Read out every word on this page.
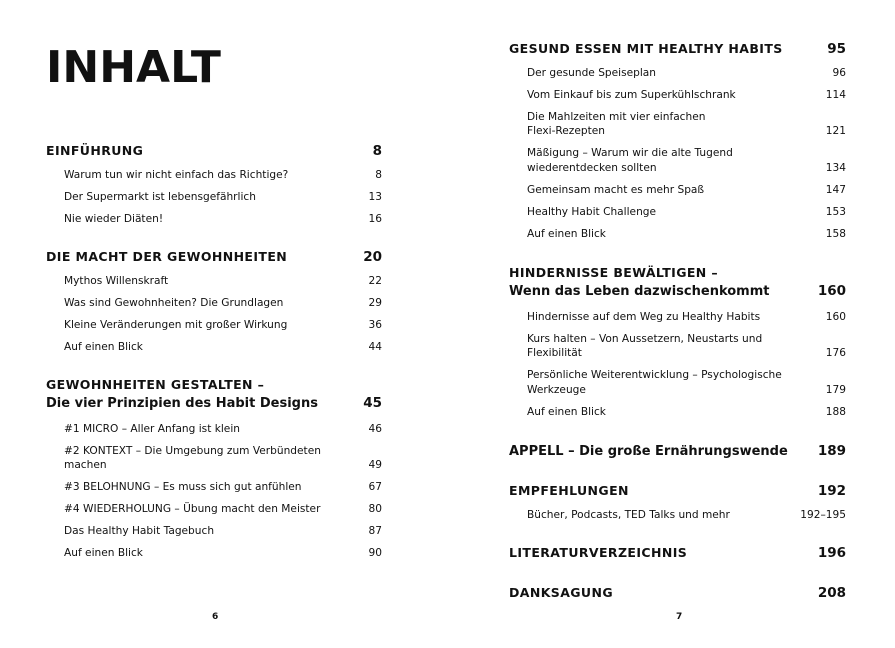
INHALT
EINFÜHRUNG	8
Warum tun wir nicht einfach das Richtige?	8
Der Supermarkt ist lebensgefährlich	13
Nie wieder Diäten!	16
DIE MACHT DER GEWOHNHEITEN	20
Mythos Willenskraft	22
Was sind Gewohnheiten? Die Grundlagen	29
Kleine Veränderungen mit großer Wirkung	36
Auf einen Blick	44
GEWOHNHEITEN GESTALTEN –
Die vier Prinzipien des Habit Designs	45
#1 MICRO – Aller Anfang ist klein	46
#2 KONTEXT – Die Umgebung zum Verbündeten machen	49
#3 BELOHNUNG – Es muss sich gut anfühlen	67
#4 WIEDERHOLUNG – Übung macht den Meister	80
Das Healthy Habit Tagebuch	87
Auf einen Blick	90
6
GESUND ESSEN MIT HEALTHY HABITS	95
Der gesunde Speiseplan	96
Vom Einkauf bis zum Superkühlschrank	114
Die Mahlzeiten mit vier einfachen Flexi-Rezepten	121
Mäßigung – Warum wir die alte Tugend wiederentdecken sollten	134
Gemeinsam macht es mehr Spaß	147
Healthy Habit Challenge	153
Auf einen Blick	158
HINDERNISSE BEWÄLTIGEN –
Wenn das Leben dazwischenkommt	160
Hindernisse auf dem Weg zu Healthy Habits	160
Kurs halten – Von Aussetzern, Neustarts und Flexibilität	176
Persönliche Weiterentwicklung – Psychologische Werkzeuge	179
Auf einen Blick	188
APPELL – Die große Ernährungswende 189
EMPFEHLUNGEN	192
Bücher, Podcasts, TED Talks und mehr	192–195
LITERATURVERZEICHNIS	196
DANKSAGUNG	208
7
